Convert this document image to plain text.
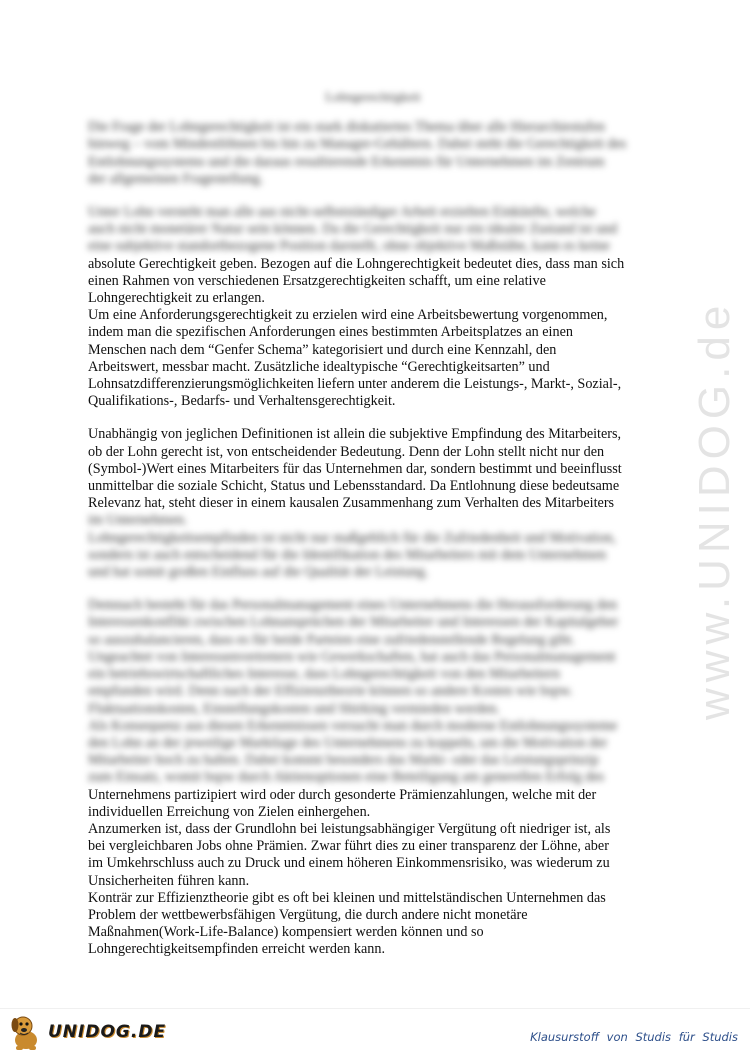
www.UNIDOG.de
Lohngerechtigkeit
Die Frage der Lohngerechtigkeit ist ein stark diskutiertes Thema über alle Hierarchiestufen
hinweg – vom Mindestlöhnen bis hin zu Manager-Gehältern. Dabei steht die Gerechtigkeit des
Entlohnungssystems und die daraus resultierende Erkenntnis für Unternehmen im Zentrum
der allgemeinen Fragestellung.
Unter Lohn versteht man alle aus nicht-selbstständiger Arbeit erzielten Einkünfte, welche
auch nicht monetärer Natur sein können. Da die Gerechtigkeit nur ein idealer Zustand ist und
eine subjektive standortbezogene Position darstellt, ohne objektive Maßstäbe, kann es keine
absolute Gerechtigkeit geben. Bezogen auf die Lohngerechtigkeit bedeutet dies, dass man sich
einen Rahmen von verschiedenen Ersatzgerechtigkeiten schafft, um eine relative
Lohngerechtigkeit zu erlangen.
Um eine Anforderungsgerechtigkeit zu erzielen wird eine Arbeitsbewertung vorgenommen,
indem man die spezifischen Anforderungen eines bestimmten Arbeitsplatzes an einen
Menschen nach dem “Genfer Schema” kategorisiert und durch eine Kennzahl, den
Arbeitswert, messbar macht. Zusätzliche idealtypische “Gerechtigkeitsarten” und
Lohnsatzdifferenzierungsmöglichkeiten liefern unter anderem die Leistungs-, Markt-, Sozial-,
Qualifikations-, Bedarfs- und Verhaltensgerechtigkeit.
Unabhängig von jeglichen Definitionen ist allein die subjektive Empfindung des Mitarbeiters,
ob der Lohn gerecht ist, von entscheidender Bedeutung. Denn der Lohn stellt nicht nur den
(Symbol-)Wert eines Mitarbeiters für das Unternehmen dar, sondern bestimmt und beeinflusst
unmittelbar die soziale Schicht, Status und Lebensstandard. Da Entlohnung diese bedeutsame
Relevanz hat, steht dieser in einem kausalen Zusammenhang zum Verhalten des Mitarbeiters
im Unternehmen.
Lohngerechtigkeitsempfinden ist nicht nur maßgeblich für die Zufriedenheit und Motivation,
sondern ist auch entscheidend für die Identifikation des Mitarbeiters mit dem Unternehmen
und hat somit großen Einfluss auf die Qualität der Leistung.
Demnach besteht für das Personalmanagement eines Unternehmens die Herausforderung den
Interessenkonflikt zwischen Lohnansprüchen der Mitarbeiter und Interessen der Kapitalgeber
so auszubalancieren, dass es für beide Parteien eine zufriedenstellende Regelung gibt.
Ungeachtet von Interessenvertretern wie Gewerkschaften, hat auch das Personalmanagement
ein betriebswirtschaftliches Interesse, dass Lohngerechtigkeit von den Mitarbeitern
empfunden wird. Denn nach der Effizienztheorie können so andere Kosten wie bspw.
Fluktuationskosten, Einstellungskosten und Shirking vermieden werden.
Als Konsequenz aus diesen Erkenntnissen versucht man durch moderne Entlohnungssysteme
den Lohn an der jeweilige Marktlage des Unternehmens zu koppeln, um die Motivation der
Mitarbeiter hoch zu halten. Dabei kommt besonders das Markt- oder das Leistungsprinzip
zum Einsatz, womit bspw durch Aktienoptionen eine Beteiligung am generellen Erfolg des
Unternehmens partizipiert wird oder durch gesonderte Prämienzahlungen, welche mit der
individuellen Erreichung von Zielen einhergehen.
Anzumerken ist, dass der Grundlohn bei leistungsabhängiger Vergütung oft niedriger ist, als
bei vergleichbaren Jobs ohne Prämien. Zwar führt dies zu einer transparenz der Löhne, aber
im Umkehrschluss auch zu Druck und einem höheren Einkommensrisiko, was wiederum zu
Unsicherheiten führen kann.
Konträr zur Effizienztheorie gibt es oft bei kleinen und mittelständischen Unternehmen das
Problem der wettbewerbsfähigen Vergütung, die durch andere nicht monetäre
Maßnahmen(Work-Life-Balance) kompensiert werden können und so
Lohngerechtigkeitsempfinden erreicht werden kann.
UNIDOG.DE	Klausurstoff von Studis für Studis
